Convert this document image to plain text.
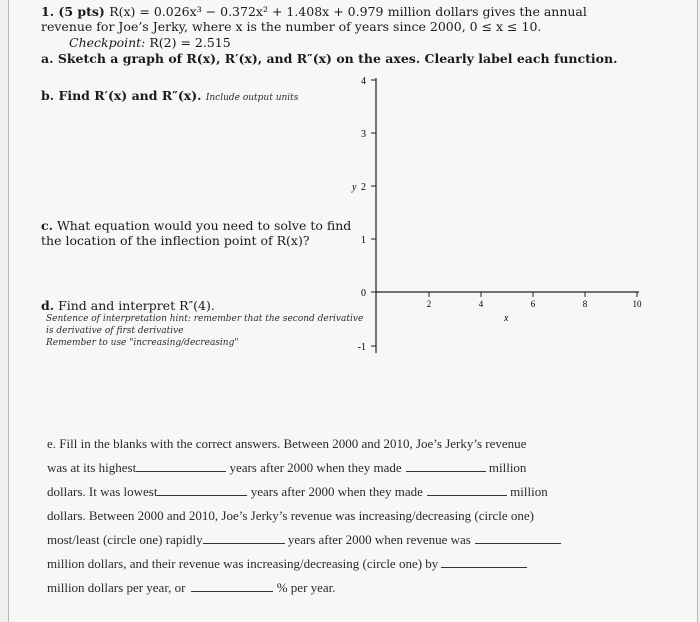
1. (5 pts) R(x) = 0.026x³ − 0.372x² + 1.408x + 0.979 million dollars gives the annual
revenue for Joe’s Jerky, where x is the number of years since 2000, 0 ≤ x ≤ 10.
Checkpoint: R(2) = 2.515
a. Sketch a graph of R(x), R′(x), and R″(x) on the axes. Clearly label each function.
b. Find R′(x) and R″(x). Include output units
c. What equation would you need to solve to find
the location of the inflection point of R(x)?
d. Find and interpret R″(4).
Sentence of interpretation hint: remember that the second derivative
is derivative of first derivative
Remember to use "increasing/decreasing"
4
3
2
1
0
-1
2	4	6	8	10
y
x
e. Fill in the blanks with the correct answers. Between 2000 and 2010, Joe’s Jerky’s revenue
was at its highest	years after 2000 when they made	million
dollars. It was lowest	years after 2000 when they made	million
dollars. Between 2000 and 2010, Joe’s Jerky’s revenue was increasing/decreasing (circle one)
most/least (circle one) rapidly	years after 2000 when revenue was
million dollars, and their revenue was increasing/decreasing (circle one) by
million dollars per year, or	% per year.
